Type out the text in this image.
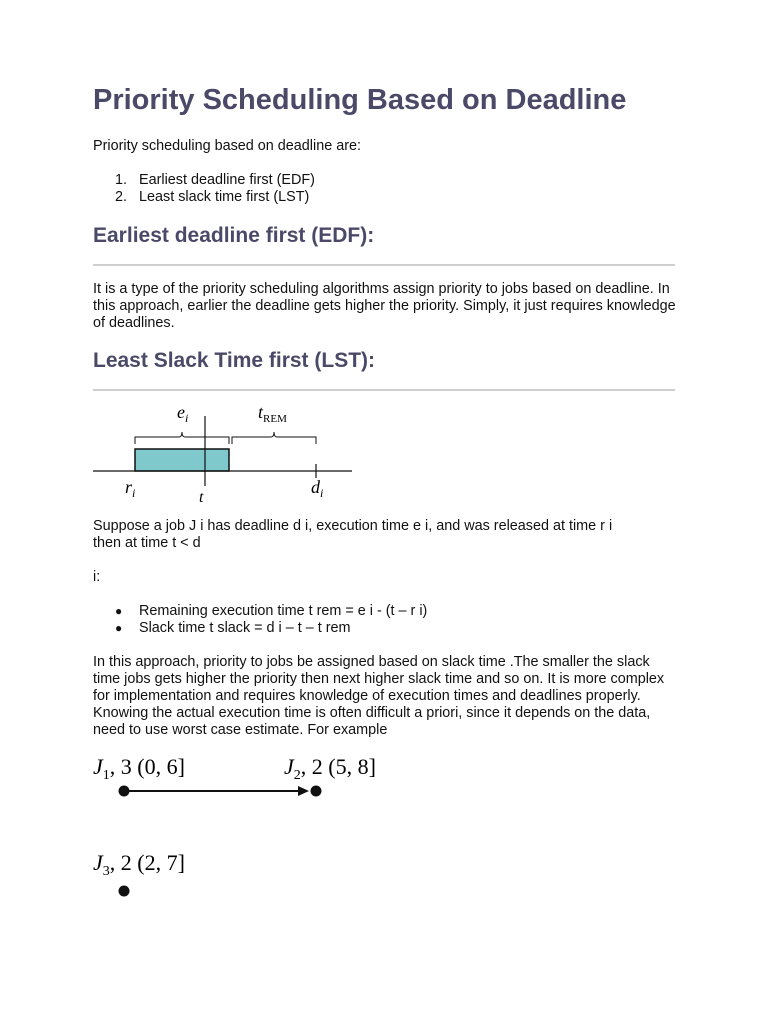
Priority Scheduling Based on Deadline

Priority scheduling based on deadline are:

1. Earliest deadline first (EDF)
2. Least slack time first (LST)
Earliest deadline first (EDF):

It is a type of the priority scheduling algorithms assign priority to jobs based on deadline. In this approach, earlier the deadline gets higher the priority. Simply, it just requires knowledge of deadlines.

Least Slack Time first (LST):

Suppose a job J i has deadline d i, execution time e i, and was released at time r i

then at time t < d

i:

● Remaining execution time t rem = e i - (t – r i)
● Slack time t slack = d i – t – t rem

In this approach, priority to jobs be assigned based on slack time .The smaller the slack time jobs gets higher the priority then next higher slack time and so on. It is more complex for implementation and requires knowledge of execution times and deadlines properly. Knowing the actual execution time is often difficult a priori, since it depends on the data, need to use worst case estimate. For example

$e_i$	$t_{REM}$
$r_i$	t
$d_i$
$J_1$, 3 (0, 6]	$J_2$, 2 (5, 8]
$J_3$, 2 (2, 7]
